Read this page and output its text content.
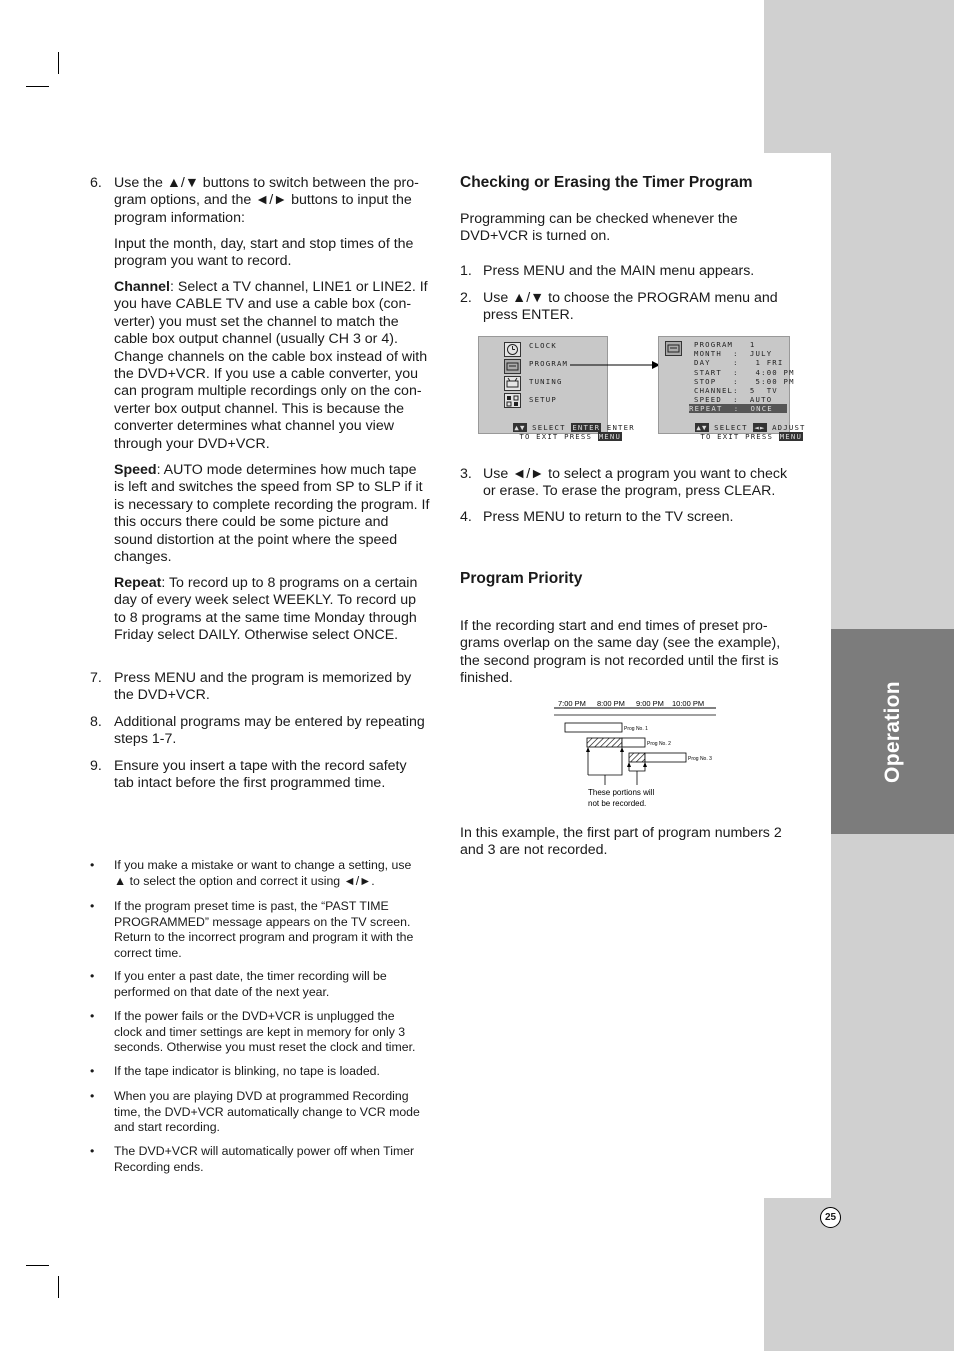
Operation
25
6. Use the ▲/▼ buttons to switch between the pro-
gram options, and the ◄/► buttons to input the
program information:
Input the month, day, start and stop times of the
program you want to record.
Channel: Select a TV channel, LINE1 or LINE2. If
you have CABLE TV and use a cable box (con-
verter) you must set the channel to match the
cable box output channel (usually CH 3 or 4).
Change channels on the cable box instead of with
the DVD+VCR. If you use a cable converter, you
can program multiple recordings only on the con-
verter box output channel. This is because the
converter determines what channel you view
through your DVD+VCR.
Speed: AUTO mode determines how much tape
is left and switches the speed from SP to SLP if it
is necessary to complete recording the program. If
this occurs there could be some picture and
sound distortion at the point where the speed
changes.
Repeat: To record up to 8 programs on a certain
day of every week select WEEKLY. To record up
to 8 programs at the same time Monday through
Friday select DAILY. Otherwise select ONCE.
7. Press MENU and the program is memorized by
the DVD+VCR.
8. Additional programs may be entered by repeating
steps 1-7.
9. Ensure you insert a tape with the record safety
tab intact before the first programmed time.
• If you make a mistake or want to change a setting, use
▲ to select the option and correct it using ◄/►.
• If the program preset time is past, the “PAST TIME
PROGRAMMED” message appears on the TV screen.
Return to the incorrect program and program it with the
correct time.
• If you enter a past date, the timer recording will be
performed on that date of the next year.
• If the power fails or the DVD+VCR is unplugged the
clock and timer settings are kept in memory for only 3
seconds. Otherwise you must reset the clock and timer.
• If the tape indicator is blinking, no tape is loaded.
• When you are playing DVD at programmed Recording
time, the DVD+VCR automatically change to VCR mode
and start recording.
• The DVD+VCR will automatically power off when Timer
Recording ends.
Checking or Erasing the Timer Program
Programming can be checked whenever the
DVD+VCR is turned on.
1. Press MENU and the MAIN menu appears.
2. Use ▲/▼ to choose the PROGRAM menu and
press ENTER.
CLOCK
PROGRAM
TUNING
SETUP

▲▼ SELECT ENTER ENTER

TO EXIT PRESS MENU

PROGRAM   1
MONTH  :  JULY
DAY    :   1 FRI
START  :   4:00 PM
STOP   :   5:00 PM
CHANNEL:  5  TV
SPEED  :  AUTO
REPEAT  :  ONCE

▲▼ SELECT ◄► ADJUST

TO EXIT PRESS MENU

3. Use ◄/► to select a program you want to check
or erase. To erase the program, press CLEAR.
4. Press MENU to return to the TV screen.
Program Priority
If the recording start and end times of preset pro-
grams overlap on the same day (see the example),
the second program is not recorded until the first is
finished.
7:00 PM 8:00 PM 9:00 PM 10:00 PM
Prog No. 1
Prog No. 2
Prog No. 3
These portions will
not be recorded.
In this example, the first part of program numbers 2
and 3 are not recorded.
